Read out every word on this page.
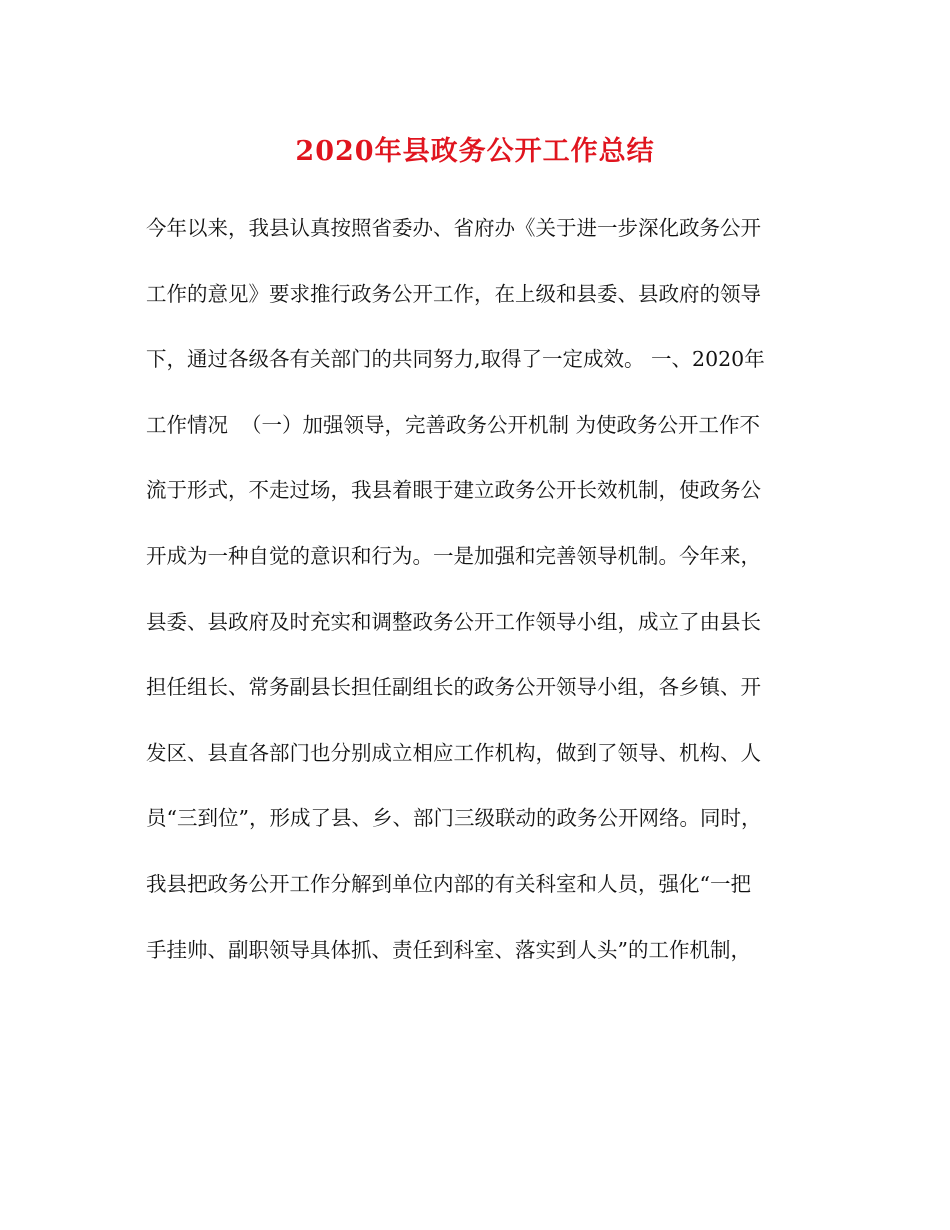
2020年县政务公开工作总结
今年以来，我县认真按照省委办、省府办《关于进一步深化政务公开
工作的意见》要求推行政务公开工作，在上级和县委、县政府的领导
下，通过各级各有关部门的共同努力,取得了一定成效。 一、2020年
工作情况  （一）加强领导，完善政务公开机制 为使政务公开工作不
流于形式，不走过场，我县着眼于建立政务公开长效机制，使政务公
开成为一种自觉的意识和行为。一是加强和完善领导机制。今年来，
县委、县政府及时充实和调整政务公开工作领导小组，成立了由县长
担任组长、常务副县长担任副组长的政务公开领导小组，各乡镇、开
发区、县直各部门也分别成立相应工作机构，做到了领导、机构、人
员“三到位”，形成了县、乡、部门三级联动的政务公开网络。同时，
我县把政务公开工作分解到单位内部的有关科室和人员，强化“一把
手挂帅、副职领导具体抓、责任到科室、落实到人头”的工作机制，
